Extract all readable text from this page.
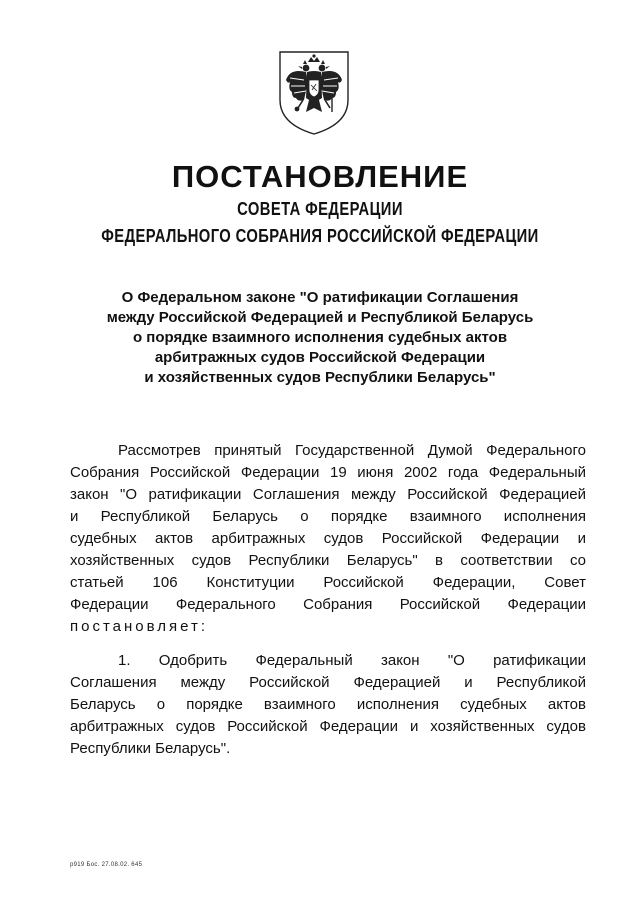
ПОСТАНОВЛЕНИЕ
СОВЕТА ФЕДЕРАЦИИ
ФЕДЕРАЛЬНОГО СОБРАНИЯ РОССИЙСКОЙ ФЕДЕРАЦИИ
О Федеральном законе "О ратификации Соглашения
между Российской Федерацией и Республикой Беларусь
о порядке взаимного исполнения судебных актов
арбитражных судов Российской Федерации
и хозяйственных судов Республики Беларусь"
Рассмотрев принятый Государственной Думой Федерального
Собрания Российской Федерации 19 июня 2002 года Федеральный
закон "О ратификации Соглашения между Российской Федерацией
и Республикой Беларусь о порядке взаимного исполнения
судебных актов арбитражных судов Российской Федерации и
хозяйственных судов Республики Беларусь" в соответствии со
статьей 106 Конституции Российской Федерации, Совет
Федерации Федерального Собрания Российской Федерации
постановляет:
1. Одобрить Федеральный закон "О ратификации
Соглашения между Российской Федерацией и Республикой
Беларусь о порядке взаимного исполнения судебных актов
арбитражных судов Российской Федерации и хозяйственных судов
Республики Беларусь".
р919 Бос. 27.08.02. 645
